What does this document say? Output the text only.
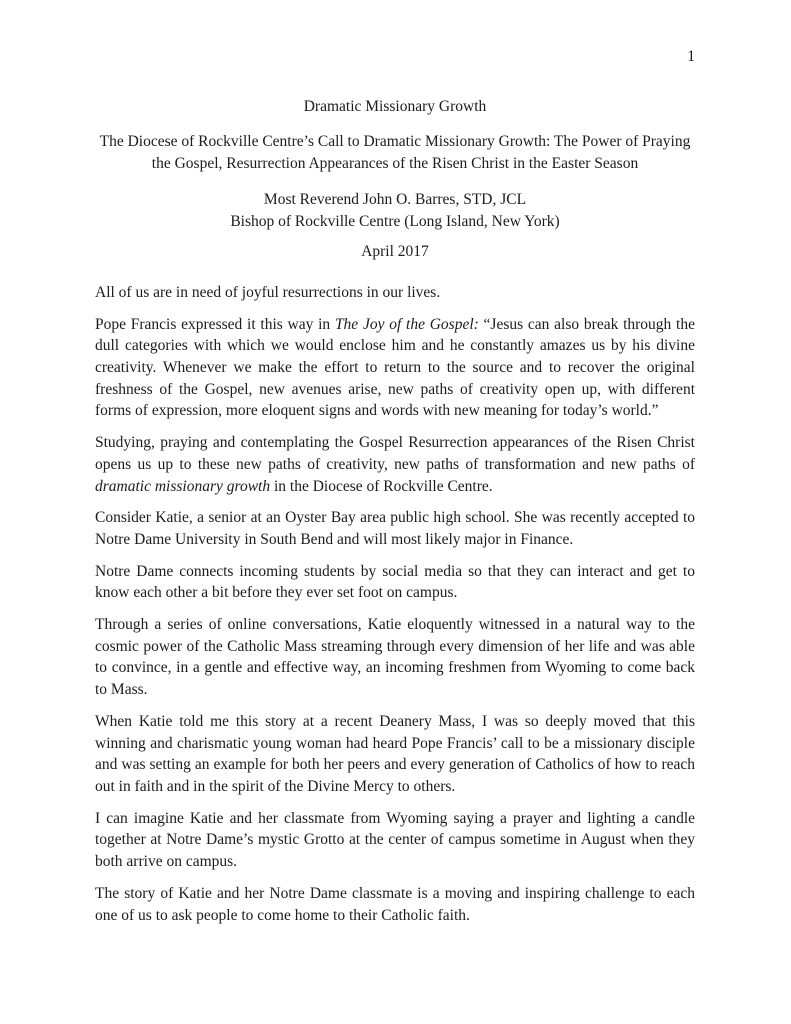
1
Dramatic Missionary Growth
The Diocese of Rockville Centre’s Call to Dramatic Missionary Growth: The Power of Praying the Gospel, Resurrection Appearances of the Risen Christ in the Easter Season
Most Reverend John O. Barres, STD, JCL
Bishop of Rockville Centre (Long Island, New York)
April 2017

All of us are in need of joyful resurrections in our lives.

Pope Francis expressed it this way in The Joy of the Gospel: “Jesus can also break through the dull categories with which we would enclose him and he constantly amazes us by his divine creativity. Whenever we make the effort to return to the source and to recover the original freshness of the Gospel, new avenues arise, new paths of creativity open up, with different forms of expression, more eloquent signs and words with new meaning for today’s world.”

Studying, praying and contemplating the Gospel Resurrection appearances of the Risen Christ opens us up to these new paths of creativity, new paths of transformation and new paths of dramatic missionary growth in the Diocese of Rockville Centre.

Consider Katie, a senior at an Oyster Bay area public high school. She was recently accepted to Notre Dame University in South Bend and will most likely major in Finance.

Notre Dame connects incoming students by social media so that they can interact and get to know each other a bit before they ever set foot on campus.

Through a series of online conversations, Katie eloquently witnessed in a natural way to the cosmic power of the Catholic Mass streaming through every dimension of her life and was able to convince, in a gentle and effective way, an incoming freshmen from Wyoming to come back to Mass.

When Katie told me this story at a recent Deanery Mass, I was so deeply moved that this winning and charismatic young woman had heard Pope Francis’ call to be a missionary disciple and was setting an example for both her peers and every generation of Catholics of how to reach out in faith and in the spirit of the Divine Mercy to others.

I can imagine Katie and her classmate from Wyoming saying a prayer and lighting a candle together at Notre Dame’s mystic Grotto at the center of campus sometime in August when they both arrive on campus.

The story of Katie and her Notre Dame classmate is a moving and inspiring challenge to each one of us to ask people to come home to their Catholic faith.
